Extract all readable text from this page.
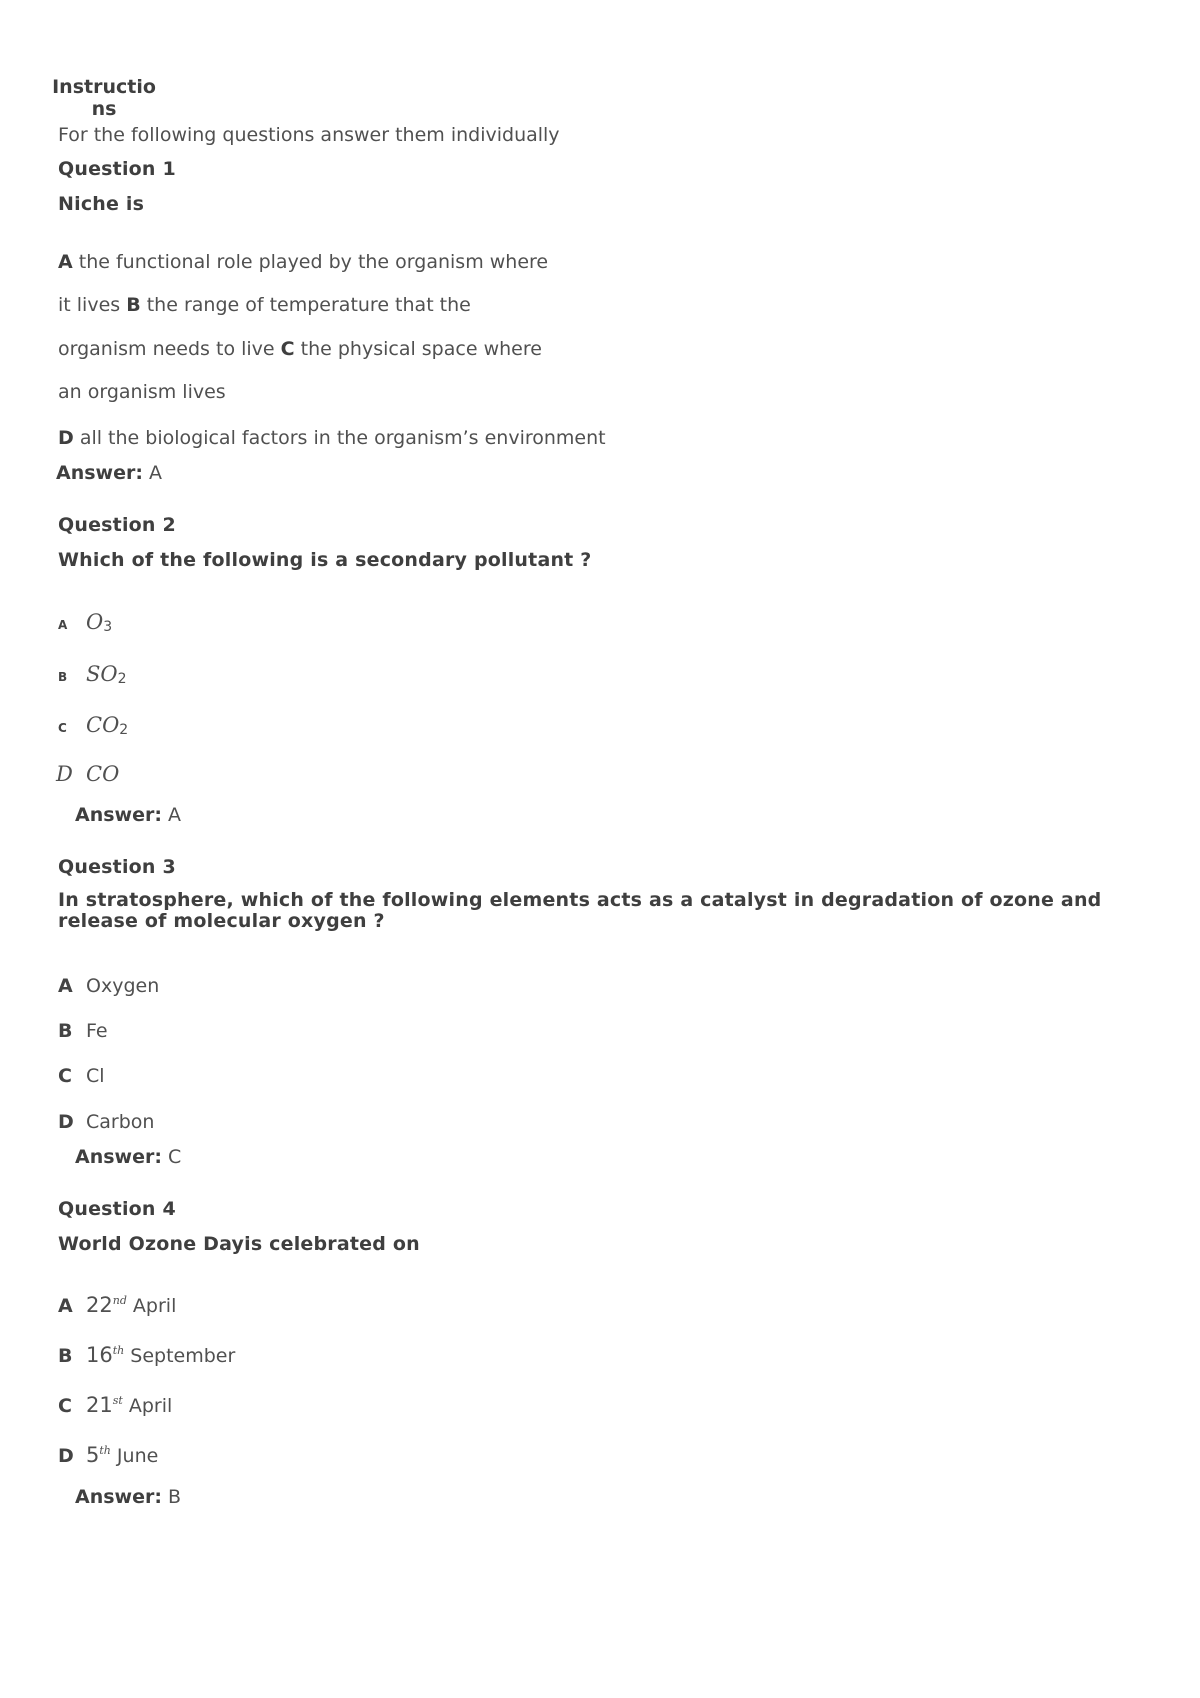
Instructions
For the following questions answer them individually
Question 1
Niche is
A the functional role played by the organism where
it lives B the range of temperature that the
organism needs to live C the physical space where
an organism lives
D all the biological factors in the organism’s environment
Answer: A
Question 2
Which of the following is a secondary pollutant ?
A O3
B SO2
C CO2
D CO
Answer: A
Question 3
In stratosphere, which of the following elements acts as a catalyst in degradation of ozone and release of molecular oxygen ?
A Oxygen
B Fe
C Cl
D Carbon
Answer: C
Question 4
World Ozone Dayis celebrated on
A 22nd April
B 16th September
C 21st April
D 5th June
Answer: B
